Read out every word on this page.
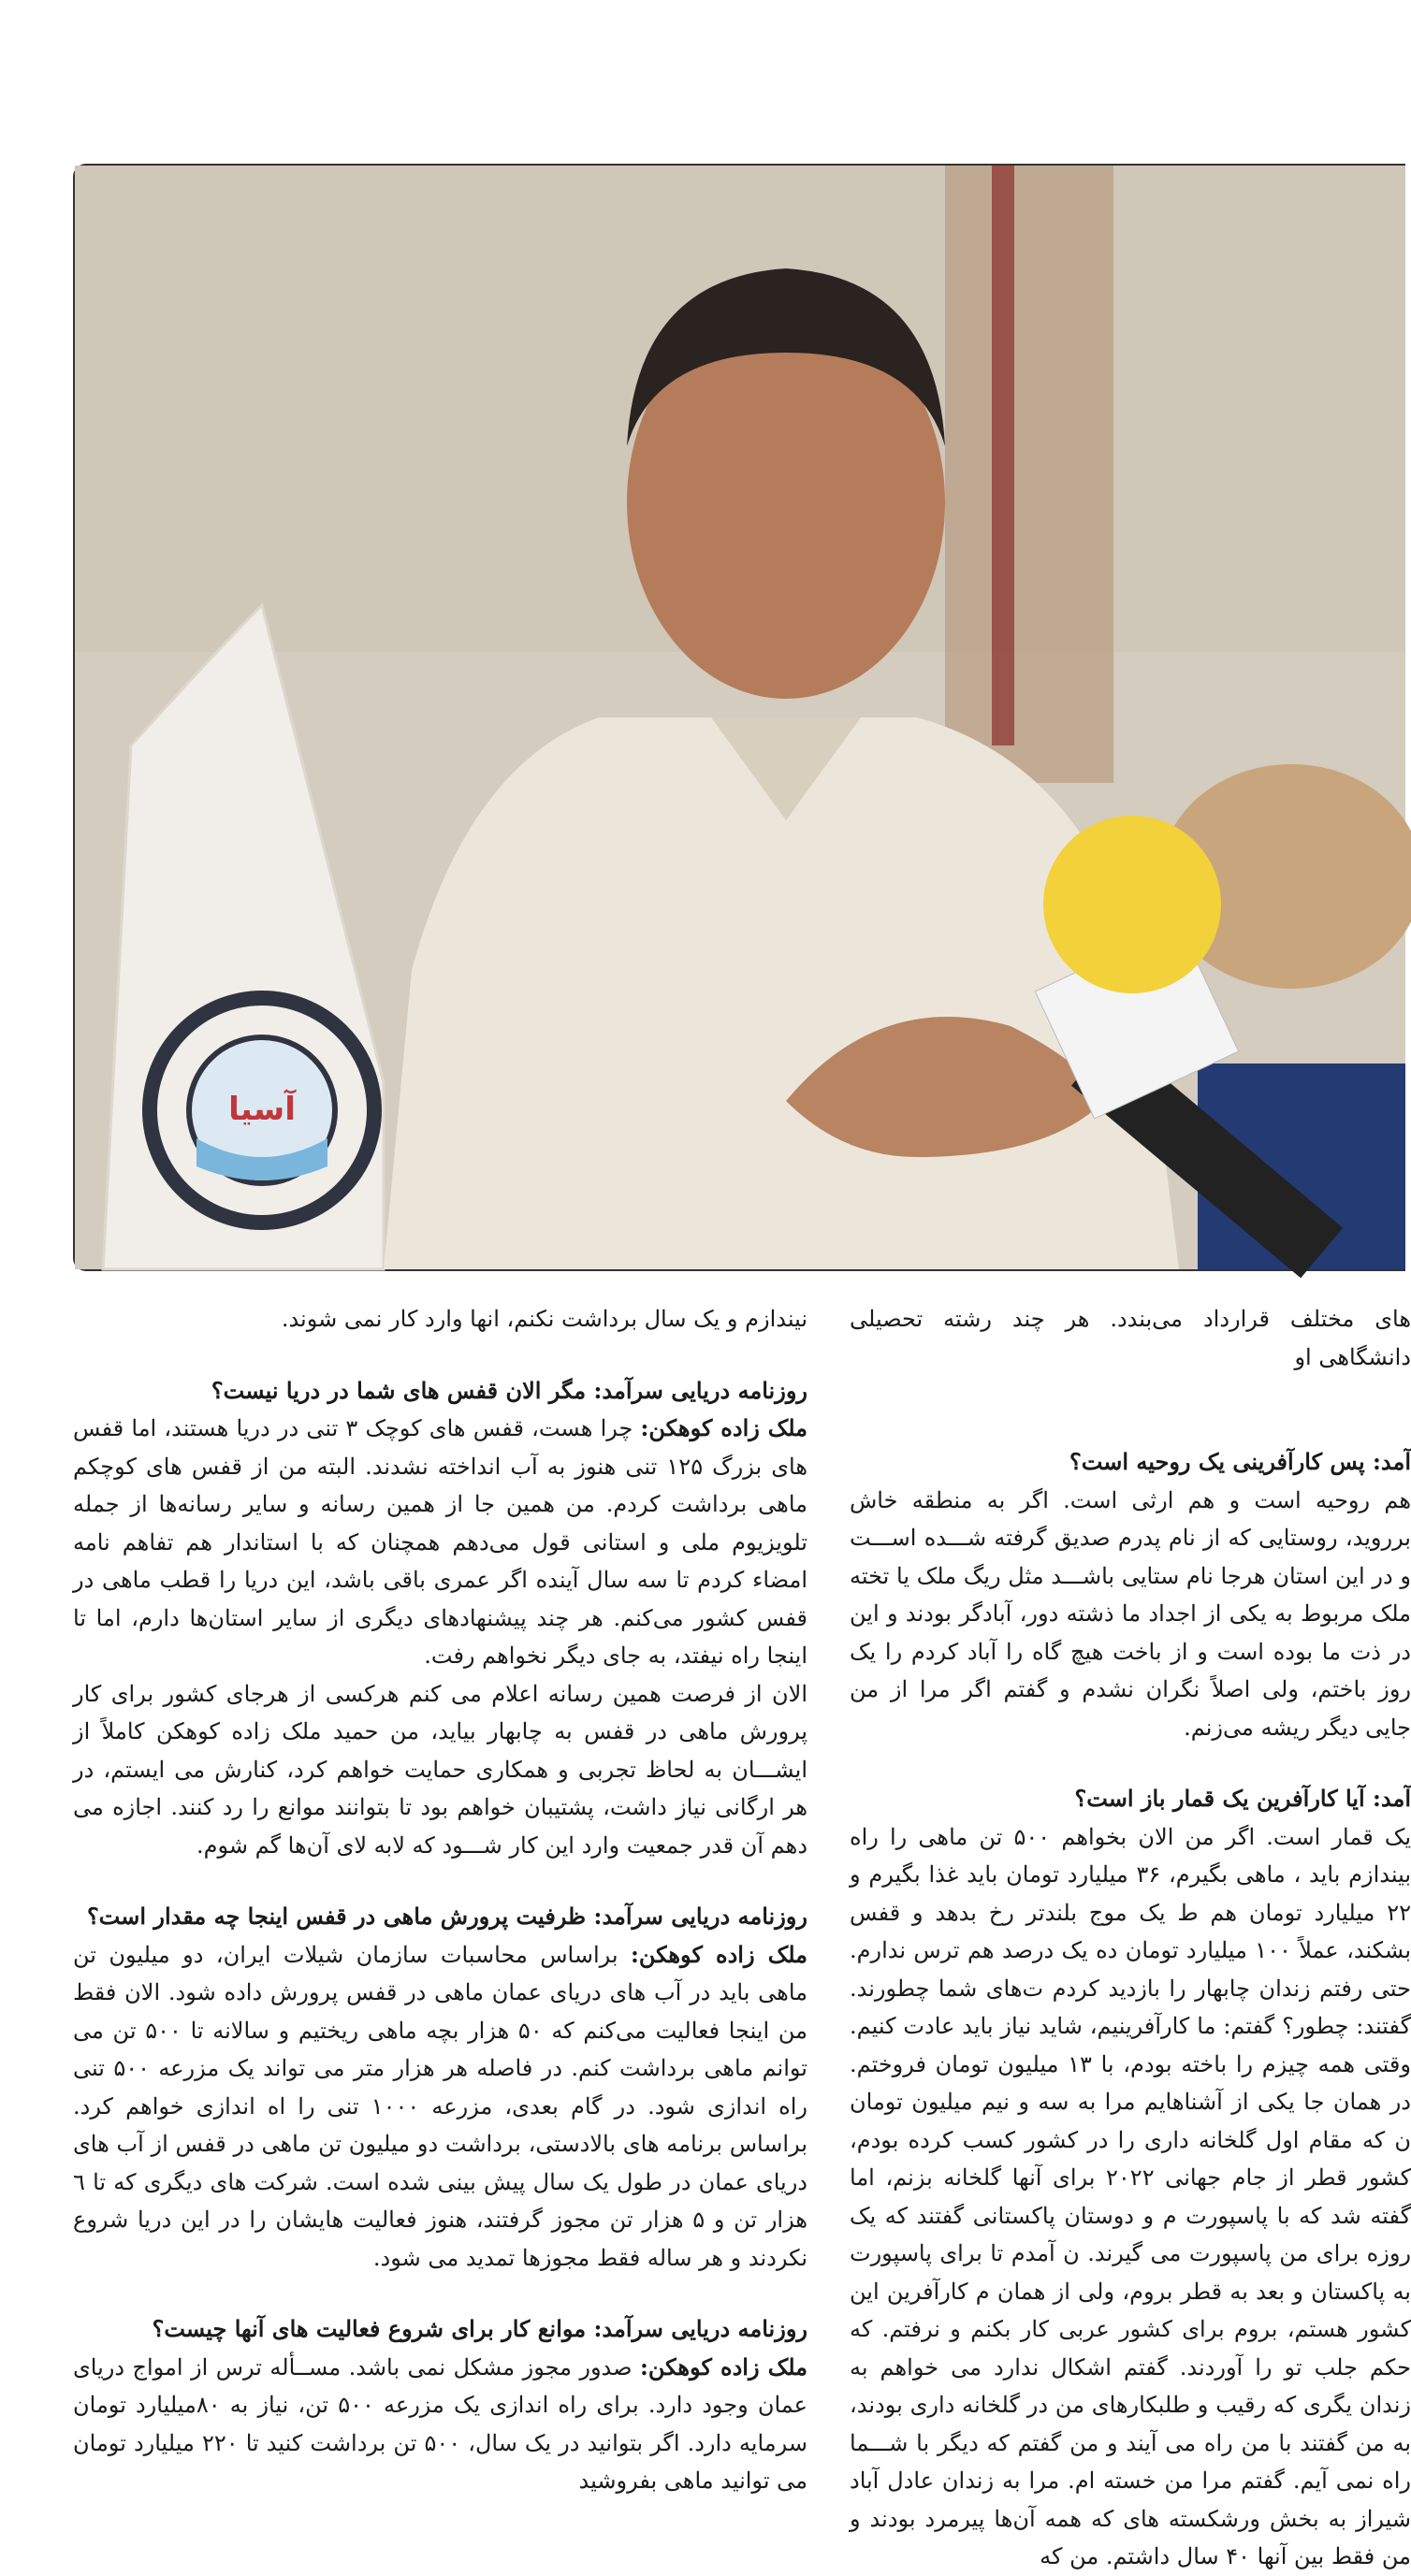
آسیا

نیندازم و یک سال برداشت نکنم، انها وارد کار نمی شوند.

روزنامه دریایی سرآمد: مگر الان قفس های شما در دریا نیست؟

ملک زاده کوهکن: چرا هست، قفس های کوچک ۳ تنی در دریا هستند، اما قفس های بزرگ ۱۲۵ تنی هنوز به آب انداخته نشدند. البته من از قفس های کوچکم ماهی برداشت کردم. من همین جا از همین رسانه و سایر رسانه‌ها از جمله تلویزیوم ملی و استانی قول می‌دهم همچنان که با استاندار هم تفاهم نامه امضاء کردم تا سه سال آینده اگر عمری باقی باشد، این دریا را قطب ماهی در قفس کشور می‌کنم. هر چند پیشنهادهای دیگری از سایر استان‌ها دارم، اما تا اینجا راه نیفتد، به جای دیگر نخواهم رفت.

الان از فرصت همین رسانه اعلام می کنم هرکسی از هرجای کشور برای کار پرورش ماهی در قفس به چابهار بیاید، من حمید ملک زاده کوهکن کاملاً از ایشـــان به لحاظ تجربی و همکاری حمایت خواهم کرد، کنارش می ایستم، در هر ارگانی نیاز داشت، پشتیبان خواهم بود تا بتوانند موانع را رد کنند. اجازه می دهم آن قدر جمعیت وارد این کار شـــود که لابه لای آن‌ها گم شوم.

روزنامه دریایی سرآمد: ظرفیت پرورش ماهی در قفس اینجا چه مقدار است؟

ملک زاده کوهکن: براساس محاسبات سازمان شیلات ایران، دو میلیون تن ماهی باید در آب های دریای عمان ماهی در قفس پرورش داده شود. الان فقط من اینجا فعالیت می‌کنم که ۵۰ هزار بچه ماهی ریختیم و سالانه تا ۵۰۰ تن می توانم ماهی برداشت کنم. در فاصله هر هزار متر می تواند یک مزرعه ۵۰۰ تنی راه اندازی شود. در گام بعدی، مزرعه ۱۰۰۰ تنی را اه اندازی خواهم کرد. براساس برنامه های بالادستی، برداشت دو میلیون تن ماهی در قفس از آب های دریای عمان در طول یک سال پیش بینی شده است. شرکت های دیگری که تا ٦ هزار تن و ۵ هزار تن مجوز گرفتند، هنوز فعالیت هایشان را در این دریا شروع نکردند و هر ساله فقط مجوزها تمدید می شود.

روزنامه دریایی سرآمد: موانع کار برای شروع فعالیت های آنها چیست؟

ملک زاده کوهکن: صدور مجوز مشکل نمی باشد. مســأله ترس از امواج دریای عمان وجود دارد. برای راه اندازی یک مزرعه ۵۰۰ تن، نیاز به ۸۰میلیارد تومان سرمایه دارد. اگر بتوانید در یک سال، ۵۰۰ تن برداشت کنید تا ۲۲۰ میلیارد تومان می توانید ماهی بفروشید

های مختلف قرارداد می‌بندد. هر چند رشته تحصیلی دانشگاهی او

آمد: پس کارآفرینی یک روحیه است؟

هم روحیه است و هم ارثی است. اگر به منطقه خاش برروید، روستایی که از نام پدرم صدیق گرفته شـــده اســـت و در این استان هرجا نام ستایی باشـــد مثل ریگ ملک یا تخته ملک مربوط به یکی از اجداد ما ذشته دور، آبادگر بودند و این در ذت ما بوده است و از باخت هیچ گاه را آباد کردم را یک روز باختم، ولی اصلاً نگران نشدم و گفتم اگر مرا از من جایی دیگر ریشه می‌زنم.

آمد: آیا کارآفرین یک قمار باز است؟

یک قمار است. اگر من الان بخواهم ۵۰۰ تن ماهی را راه بیندازم باید ، ماهی بگیرم، ۳۶ میلیارد تومان باید غذا بگیرم و ۲۲ میلیارد تومان هم ط یک موج بلندتر رخ بدهد و قفس بشکند، عملاً ۱۰۰ میلیارد تومان ده یک درصد هم ترس ندارم. حتی رفتم زندان چابهار را بازدید کردم ت‌های شما چطورند. گفتند: چطور؟ گفتم: ما کارآفرینیم، شاید نیاز باید عادت کنیم. وقتی همه چیزم را باخته بودم، با ۱۳ میلیون تومان فروختم. در همان جا یکی از آشناهایم مرا به سه و نیم میلیون تومان ن که مقام اول گلخانه داری را در کشور کسب کرده بودم، کشور قطر از جام جهانی ۲۰۲۲ برای آنها گلخانه بزنم، اما گفته شد که با پاسپورت م و دوستان پاکستانی گفتند که یک روزه برای من پاسپورت می گیرند. ن آمدم تا برای پاسپورت به پاکستان و بعد به قطر بروم، ولی از همان م کارآفرین این کشور هستم، بروم برای کشور عربی کار بکنم و نرفتم. که حکم جلب تو را آوردند. گفتم اشکال ندارد می خواهم به زندان یگری که رقیب و طلبکارهای من در گلخانه داری بودند، به من گفتند با من راه می آیند و من گفتم که دیگر با شـــما راه نمی آیم. گفتم مرا من خسته ام. مرا به زندان عادل آباد شیراز به بخش ورشکسته های که همه آن‌ها پیرمرد بودند و من فقط بین آنها ۴۰ سال داشتم. من که
